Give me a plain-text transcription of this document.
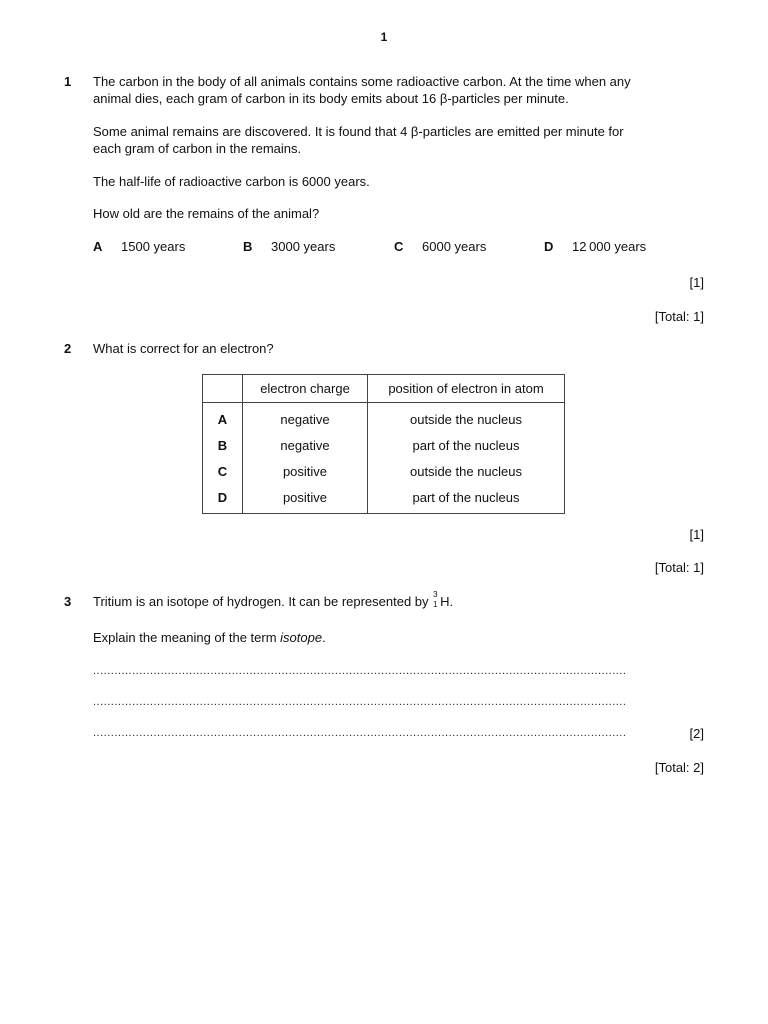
1
1 The carbon in the body of all animals contains some radioactive carbon. At the time when any
animal dies, each gram of carbon in its body emits about 16 β-particles per minute.
Some animal remains are discovered. It is found that 4 β-particles are emitted per minute for
each gram of carbon in the remains.
The half-life of radioactive carbon is 6000 years.
How old are the remains of the animal?
A 1500 years	B 3000 years	C 6000 years	D 12 000 years
[1]
[Total: 1]
2 What is correct for an electron?
	electron charge	position of electron in atom
A	negative	outside the nucleus
B	negative	part of the nucleus
C	positive	outside the nucleus
D	positive	part of the nucleus
[1]
[Total: 1]
3 Tritium is an isotope of hydrogen. It can be represented by 3
1 H.
Explain the meaning of the term isotope.
......................................................................................................................................................
......................................................................................................................................................
......................................................................................................................................................	[2]
[Total: 2]
